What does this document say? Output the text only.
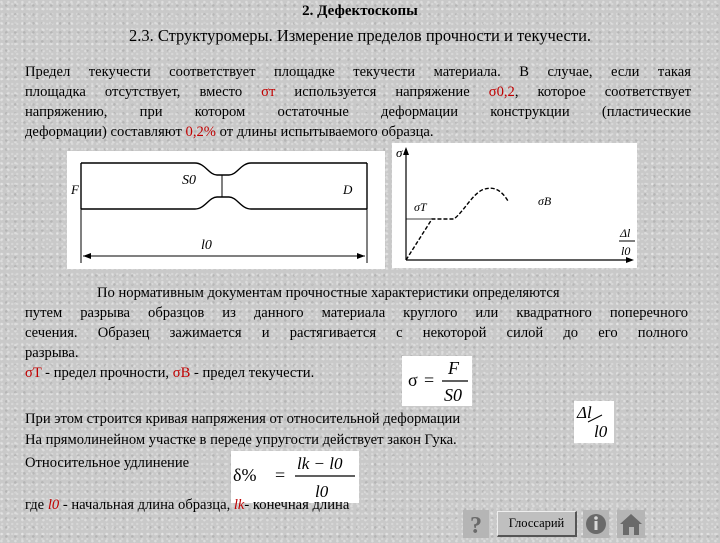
2. Дефектоскопы
2.3. Структуромеры. Измерение пределов прочности и текучести.
Предел текучести соответствует площадке текучести материала. В случае, если такая
площадка отсутствует, вместо σт используется напряжение σ0,2, которое соответствует
напряжению, при котором остаточные деформации конструкции (пластические
деформации) составляют 0,2% от длины испытываемого образца.
F	D
S0
l0
σ
σT	σB
Δl
l0
По нормативным документам прочностные характеристики определяются
путем разрыва образцов из данного материала круглого или квадратного поперечного
сечения. Образец зажимается и растягивается с некоторой силой до его полного
разрыва.
σT - предел прочности, σB - предел текучести.	σ =
F
S0
При этом строится кривая напряжения от относительной деформации
На прямолинейном участке в переде упругости действует закон Гука.
Относительное удлинение
Δl
l0
δ% =
lk − l0
l0
где l0 - начальная длина образца, lk- конечная длина
?	Глоссарий
